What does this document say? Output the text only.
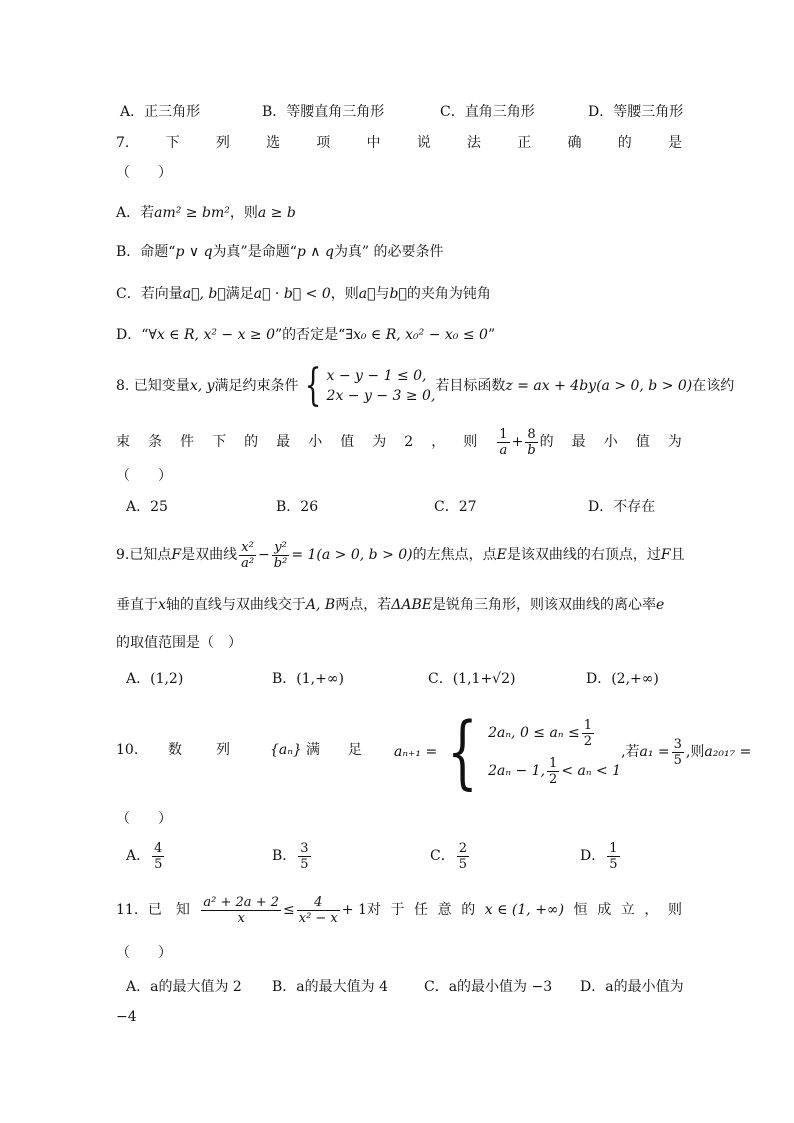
A．正三角形	B．等腰直角三角形	C．直角三角形	D．等腰三角形
7.	下	列	选	项	中	说	法	正	确	的	是
（　　）
A．若am² ≥ bm²，则a ≥ b
B．命题“p ∨ q为真”是命题“p ∧ q为真” 的必要条件
C．若向量a⃗, b⃗满足a⃗ · b⃗ < 0，则a⃗与b⃗的夹角为钝角
D．“∀x ∈ R, x² − x ≥ 0”的否定是“∃x₀ ∈ R, x₀² − x₀ ≤ 0”
8. 已知变量x, y满足约束条件 { x − y − 1 ≤ 0,
2x − y − 3 ≥ 0,
若目标函数z = ax + 4by(a > 0, b > 0)在该约
束 条 件 下 的 最 小 值 为 2 ， 则 $\frac{1}{a} + \frac{8}{b}$ 的 最 小 值 为
（　　）
A．25	B．26	C．27	D．不存在
9.已知点F是双曲线 $\frac{\text{x²}}{\text{a²}} - \frac{\text{y²}}{\text{b²}} = 1(a > 0$, b > 0)的左焦点，点E是该双曲线的右顶点，过F且
垂直于x轴的直线与双曲线交于A, B两点，若ΔABE是锐角三角形，则该双曲线的离心率e
的取值范围是（　）
A．(1,2)	B．(1,+∞)	C．(1,1+√2)	D．(2,+∞)
10. 数 列	{aₙ} 满　　足 aₙ₊₁ = { 2aₙ, $0 \le a_n \le \frac{1}{2}$
2aₙ − 1, $\frac{1}{2} < a_n < 1$
,若$a_1 = \frac{3}{5}$ ,则a₂₀₁₇ =
（　　）
A． $\frac{4}{5}$	B． $\frac{3}{5}$	C． $\frac{2}{5}$	D． $\frac{1}{5}$
11. 已　知 $\frac{\text{a² + 2a + 2}}{x} \le \frac{4}{\text{x² − x}} + 1$对 于 任 意 的 x ∈ (1, +∞) 恒 成 立 ， 则
（　　）
A．a的最大值为 2 B．a的最大值为 4	C．a的最小值为 −3 D．a的最小值为
−4
